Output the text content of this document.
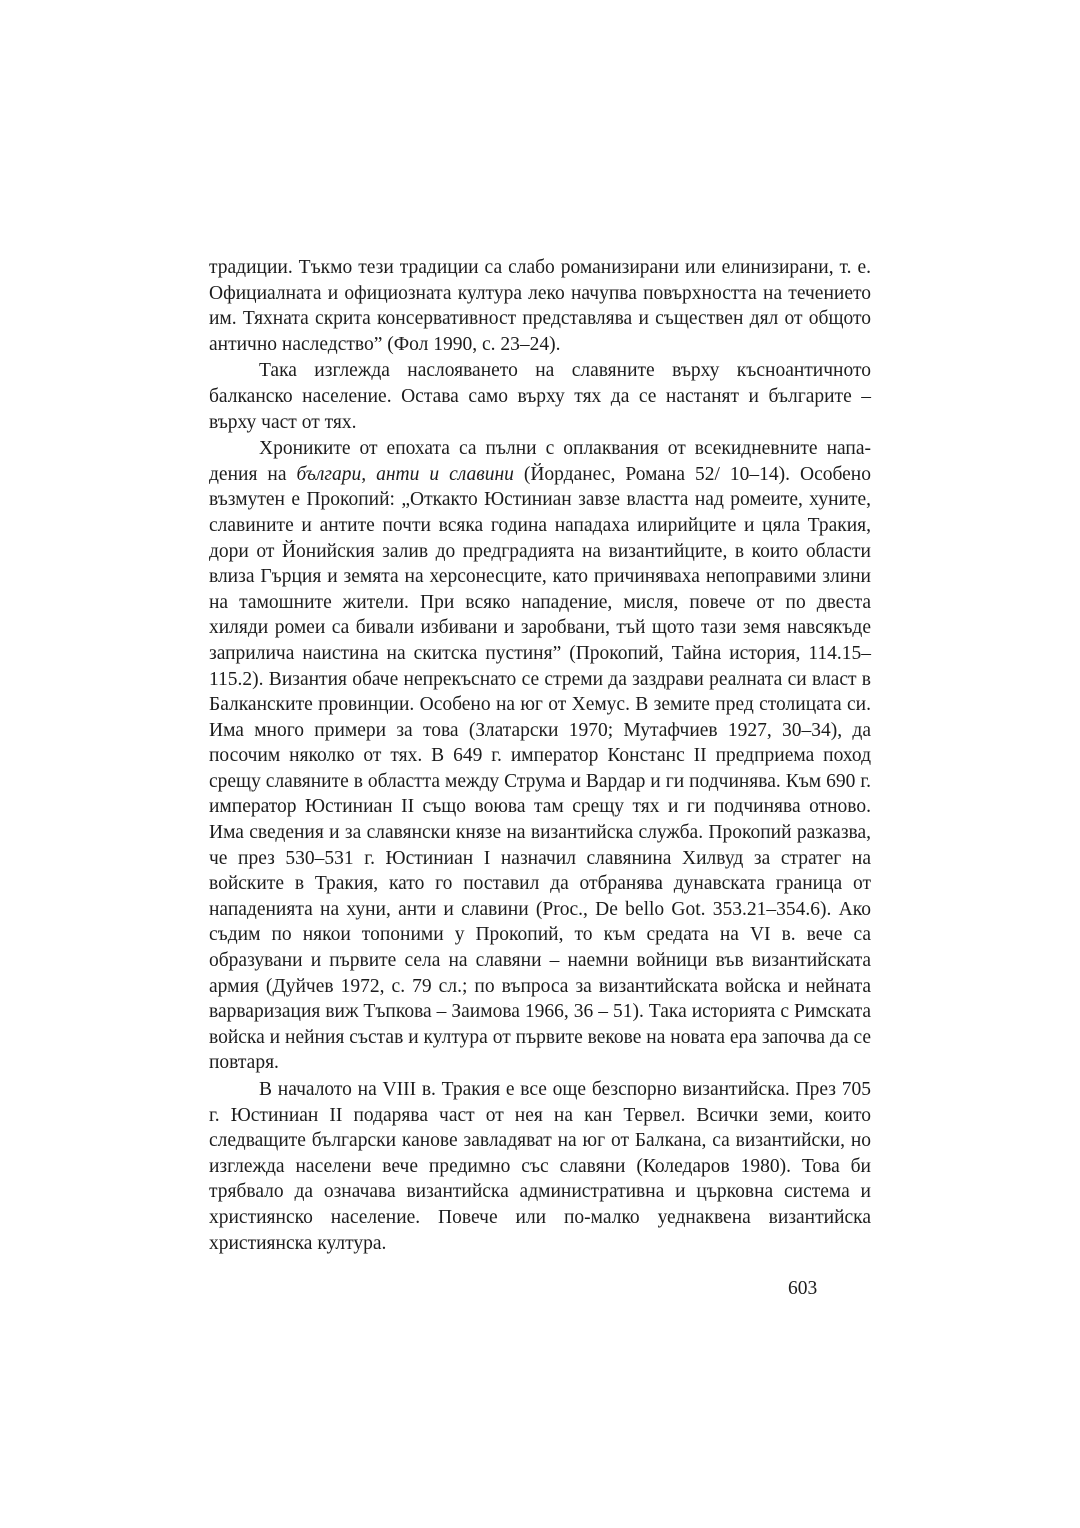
традиции. Тъкмо тези традиции са слабо романизирани или елинизирани, т. е. Официалната и официозната култура леко начупва повърхността на течението им. Тяхната скрита консервативност представлява и съществен дял от общото антично наследство” (Фол 1990, с. 23–24).

Така изглежда наслояването на славяните върху късноантичното балканско население. Остава само върху тях да се настанят и българите – върху част от тях.

Хрониките от епохата са пълни с оплаквания от всекидневните нападения на българи, анти и славини (Йорданес, Романа 52/ 10–14). Особено възмутен е Прокопий: „Откакто Юстиниан завзе властта над ромеите, хуните, славините и антите почти всяка година нападаха илирийците и цяла Тракия, дори от Йонийския залив до предградията на византийците, в които области влиза Гърция и земята на херсонесците, като причиняваха непоправими злини на тамошните жители. При всяко нападение, мисля, повече от по двеста хиляди ромеи са бивали избивани и заробвани, тъй щото тази земя навсякъде заприлича наистина на скитска пустиня” (Прокопий, Тайна история, 114.15–115.2). Византия обаче непрекъснато се стреми да заздрави реалната си власт в Балканските провинции. Особено на юг от Хемус. В земите пред столицата си. Има много примери за това (Златарски 1970; Мутафчиев 1927, 30–34), да посочим няколко от тях. В 649 г. император Констанс II предприема поход срещу славяните в областта между Струма и Вардар и ги подчинява. Към 690 г. император Юстиниан II също воюва там срещу тях и ги подчинява отново. Има сведения и за славянски князе на византийска служба. Прокопий разказва, че през 530–531 г. Юстиниан I назначил славянина Хилвуд за стратег на войските в Тракия, като го поставил да отбранява дунавската граница от нападенията на хуни, анти и славини (Proc., De bello Got. 353.21–354.6). Ако съдим по някои топоними у Прокопий, то към средата на VI в. вече са образувани и първите села на славяни – наемни войници във византийската армия (Дуйчев 1972, с. 79 сл.; по въпроса за византийската войска и нейната варваризация виж Тъпкова – Заимова 1966, 36 – 51). Така историята с Римската войска и нейния състав и култура от първите векове на новата ера започва да се повтаря.

В началото на VIII в. Тракия е все още безспорно византийска. През 705 г. Юстиниан II подарява част от нея на кан Тервел. Всички земи, които следващите български канове завладяват на юг от Балкана, са византийски, но изглежда населени вече предимно със славяни (Коледаров 1980). Това би трябвало да означава византийска административна и църковна система и християнско население. Повече или по-малко уеднаквена византийска християнска култура.

603
